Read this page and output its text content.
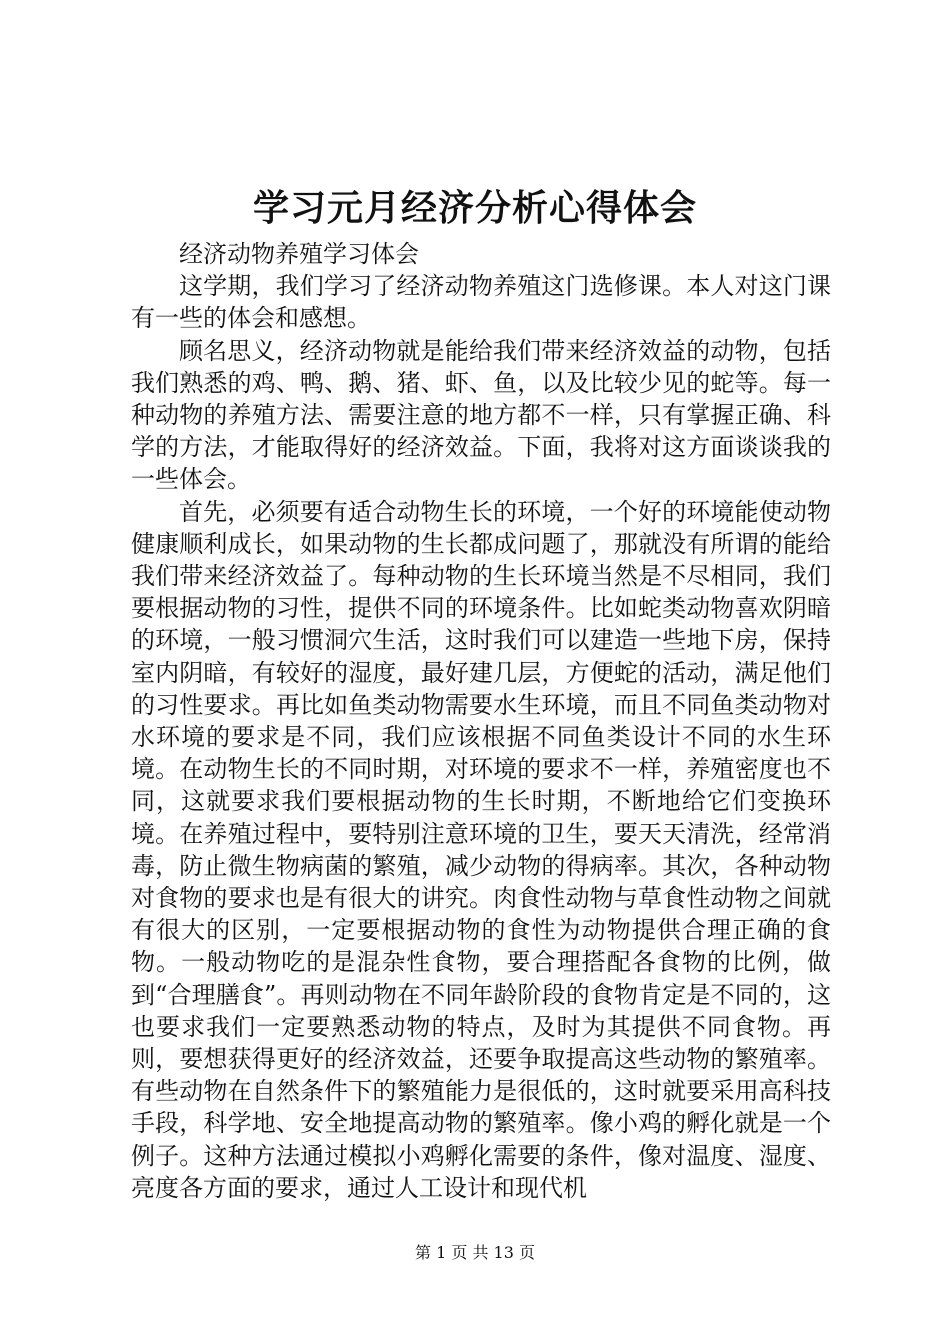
学习元月经济分析心得体会

经济动物养殖学习体会

这学期，我们学习了经济动物养殖这门选修课。本人对这门课有一些的体会和感想。

顾名思义，经济动物就是能给我们带来经济效益的动物，包括我们熟悉的鸡、鸭、鹅、猪、虾、鱼，以及比较少见的蛇等。每一种动物的养殖方法、需要注意的地方都不一样，只有掌握正确、科学的方法，才能取得好的经济效益。下面，我将对这方面谈谈我的一些体会。

首先，必须要有适合动物生长的环境，一个好的环境能使动物健康顺利成长，如果动物的生长都成问题了，那就没有所谓的能给我们带来经济效益了。每种动物的生长环境当然是不尽相同，我们要根据动物的习性，提供不同的环境条件。比如蛇类动物喜欢阴暗的环境，一般习惯洞穴生活，这时我们可以建造一些地下房，保持室内阴暗，有较好的湿度，最好建几层，方便蛇的活动，满足他们的习性要求。再比如鱼类动物需要水生环境，而且不同鱼类动物对水环境的要求是不同，我们应该根据不同鱼类设计不同的水生环境。在动物生长的不同时期，对环境的要求不一样，养殖密度也不同，这就要求我们要根据动物的生长时期，不断地给它们变换环境。在养殖过程中，要特别注意环境的卫生，要天天清洗，经常消毒，防止微生物病菌的繁殖，减少动物的得病率。其次，各种动物对食物的要求也是有很大的讲究。肉食性动物与草食性动物之间就有很大的区别，一定要根据动物的食性为动物提供合理正确的食物。一般动物吃的是混杂性食物，要合理搭配各食物的比例，做到“合理膳食”。再则动物在不同年龄阶段的食物肯定是不同的，这也要求我们一定要熟悉动物的特点，及时为其提供不同食物。再则，要想获得更好的经济效益，还要争取提高这些动物的繁殖率。有些动物在自然条件下的繁殖能力是很低的，这时就要采用高科技手段，科学地、安全地提高动物的繁殖率。像小鸡的孵化就是一个例子。这种方法通过模拟小鸡孵化需要的条件，像对温度、湿度、亮度各方面的要求，通过人工设计和现代机

第 1 页 共 13 页
